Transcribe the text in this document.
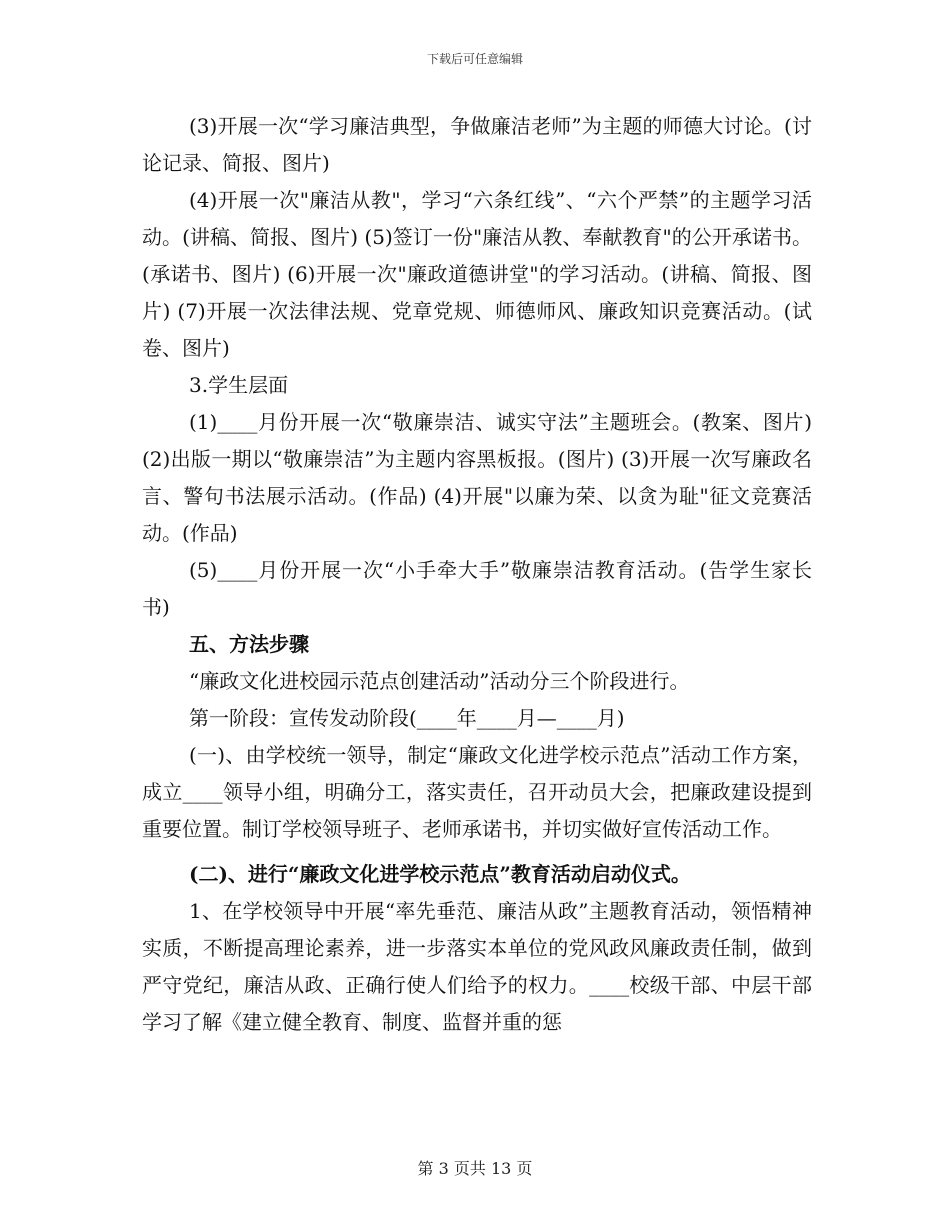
下载后可任意编辑

(3)开展一次“学习廉洁典型，争做廉洁老师”为主题的师德大讨论。(讨论记录、简报、图片)

(4)开展一次"廉洁从教"，学习“六条红线”、“六个严禁”的主题学习活动。(讲稿、简报、图片) (5)签订一份"廉洁从教、奉献教育"的公开承诺书。(承诺书、图片) (6)开展一次"廉政道德讲堂"的学习活动。(讲稿、简报、图片) (7)开展一次法律法规、党章党规、师德师风、廉政知识竞赛活动。(试卷、图片)

3.学生层面

(1)____月份开展一次“敬廉崇洁、诚实守法”主题班会。(教案、图片) (2)出版一期以“敬廉崇洁”为主题内容黑板报。(图片) (3)开展一次写廉政名言、警句书法展示活动。(作品) (4)开展"以廉为荣、以贪为耻"征文竞赛活动。(作品)

(5)____月份开展一次“小手牵大手”敬廉崇洁教育活动。(告学生家长书)

五、方法步骤

“廉政文化进校园示范点创建活动”活动分三个阶段进行。

第一阶段：宣传发动阶段(____年____月—____月)

(一)、由学校统一领导，制定“廉政文化进学校示范点”活动工作方案，成立____领导小组，明确分工，落实责任，召开动员大会，把廉政建设提到重要位置。制订学校领导班子、老师承诺书，并切实做好宣传活动工作。

(二)、进行“廉政文化进学校示范点”教育活动启动仪式。

1、在学校领导中开展“率先垂范、廉洁从政”主题教育活动，领悟精神实质，不断提高理论素养，进一步落实本单位的党风政风廉政责任制，做到严守党纪，廉洁从政、正确行使人们给予的权力。____校级干部、中层干部学习了解《建立健全教育、制度、监督并重的惩

第 3 页共 13 页
